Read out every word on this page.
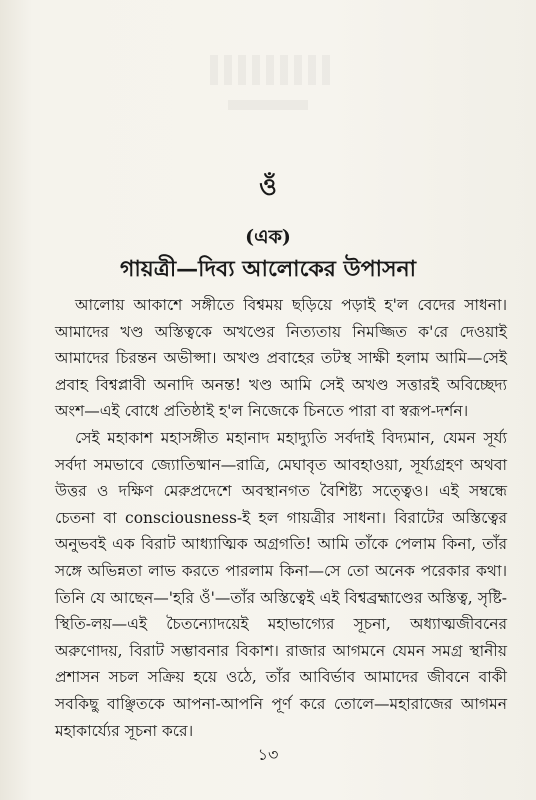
ওঁ
(এক)
গায়ত্রী—দিব্য আলোকের উপাসনা

আলোয় আকাশে সঙ্গীতে বিশ্বময় ছড়িয়ে পড়াই হ'ল বেদের সাধনা। আমাদের খণ্ড অস্তিত্বকে অখণ্ডের নিত্যতায় নিমজ্জিত ক'রে দেওয়াই আমাদের চিরন্তন অভীপ্সা। অখণ্ড প্রবাহের তটস্থ সাক্ষী হলাম আমি—সেই প্রবাহ বিশ্বপ্লাবী অনাদি অনন্ত! খণ্ড আমি সেই অখণ্ড সত্তারই অবিচ্ছেদ্য অংশ—এই বোধে প্রতিষ্ঠাই হ'ল নিজেকে চিনতে পারা বা স্বরূপ-দর্শন।

সেই মহাকাশ মহাসঙ্গীত মহানাদ মহাদ্যুতি সর্বদাই বিদ্যমান, যেমন সূর্য্য সর্বদা সমভাবে জ্যোতিষ্মান—রাত্রি, মেঘাবৃত আবহাওয়া, সূর্য্যগ্রহণ অথবা উত্তর ও দক্ষিণ মেরুপ্রদেশে অবস্থানগত বৈশিষ্ট্য সত্ত্বেও। এই সম্বন্ধে চেতনা বা consciousness-ই হল গায়ত্রীর সাধনা। বিরাটের অস্তিত্বের অনুভবই এক বিরাট আধ্যাত্মিক অগ্রগতি! আমি তাঁকে পেলাম কিনা, তাঁর সঙ্গে অভিন্নতা লাভ করতে পারলাম কিনা—সে তো অনেক পরেকার কথা। তিনি যে আছেন—'হরি ওঁ'—তাঁর অস্তিত্বেই এই বিশ্বব্রহ্মাণ্ডের অস্তিত্ব, সৃষ্টি-স্থিতি-লয়—এই চৈতন্যোদয়েই মহাভাগ্যের সূচনা, অধ্যাত্মজীবনের অরুণোদয়, বিরাট সম্ভাবনার বিকাশ। রাজার আগমনে যেমন সমগ্র স্থানীয় প্রশাসন সচল সক্রিয় হয়ে ওঠে, তাঁর আবির্ভাব আমাদের জীবনে বাকী সবকিছু বাঞ্ছিতকে আপনা-আপনি পূর্ণ করে তোলে—মহারাজের আগমন মহাকার্য্যের সূচনা করে।

১৩
